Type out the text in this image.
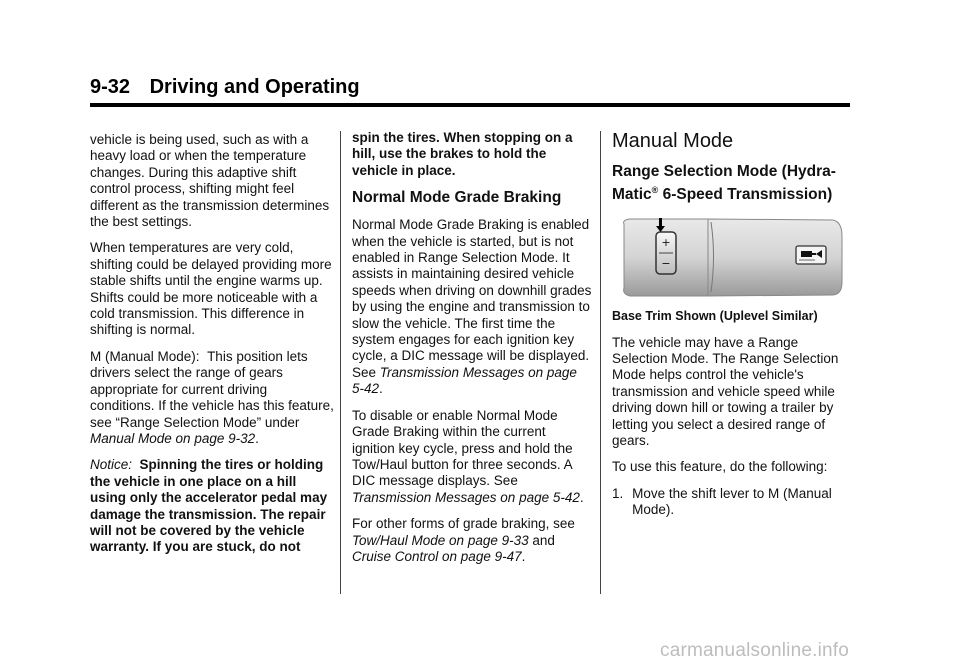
9-32 Driving and Operating

vehicle is being used, such as with a heavy load or when the temperature changes. During this adaptive shift control process, shifting might feel different as the transmission determines the best settings.

When temperatures are very cold, shifting could be delayed providing more stable shifts until the engine warms up. Shifts could be more noticeable with a cold transmission. This difference in shifting is normal.

M (Manual Mode): This position lets drivers select the range of gears appropriate for current driving conditions. If the vehicle has this feature, see “Range Selection Mode” under Manual Mode on page 9-32.

Notice: Spinning the tires or holding the vehicle in one place on a hill using only the accelerator pedal may damage the transmission. The repair will not be covered by the vehicle warranty. If you are stuck, do not

spin the tires. When stopping on a hill, use the brakes to hold the vehicle in place.

Normal Mode Grade Braking

Normal Mode Grade Braking is enabled when the vehicle is started, but is not enabled in Range Selection Mode. It assists in maintaining desired vehicle speeds when driving on downhill grades by using the engine and transmission to slow the vehicle. The first time the system engages for each ignition key cycle, a DIC message will be displayed. See Transmission Messages on page 5-42.

To disable or enable Normal Mode Grade Braking within the current ignition key cycle, press and hold the Tow/Haul button for three seconds. A DIC message displays. See Transmission Messages on page 5-42.

For other forms of grade braking, see Tow/Haul Mode on page 9-33 and Cruise Control on page 9-47.

Manual Mode
Range Selection Mode (Hydra-Matic® 6-Speed Transmission)
+
−

Base Trim Shown (Uplevel Similar)

The vehicle may have a Range Selection Mode. The Range Selection Mode helps control the vehicle's transmission and vehicle speed while driving down hill or towing a trailer by letting you select a desired range of gears.

To use this feature, do the following:

1. Move the shift lever to M (Manual Mode).
carmanualsonline.info
